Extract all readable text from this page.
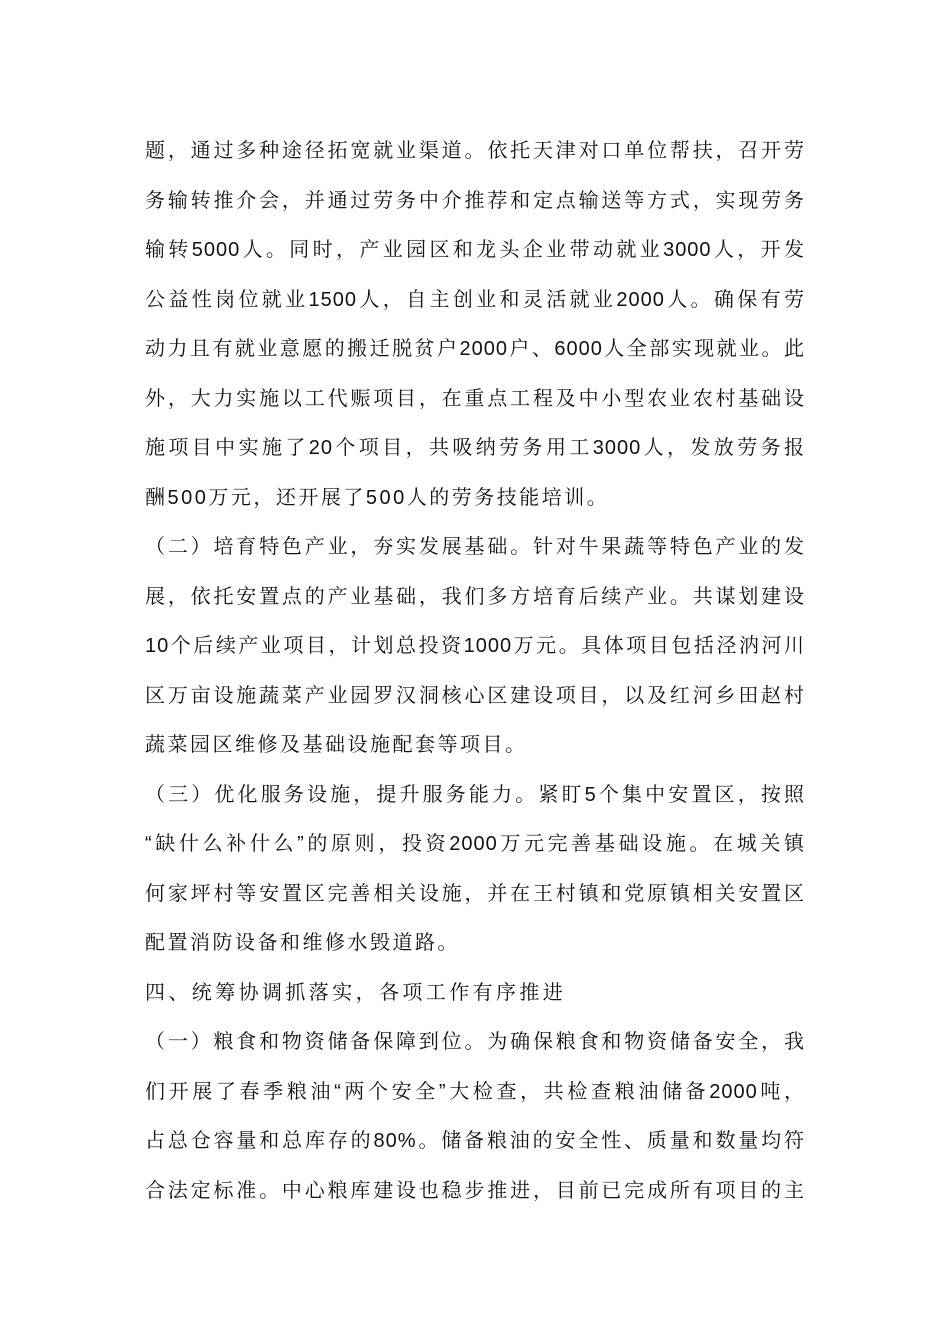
题，通过多种途径拓宽就业渠道。依托天津对口单位帮扶，召开劳
务输转推介会，并通过劳务中介推荐和定点输送等方式，实现劳务
输转5000人。同时，产业园区和龙头企业带动就业3000人，开发
公益性岗位就业1500人，自主创业和灵活就业2000人。确保有劳
动力且有就业意愿的搬迁脱贫户2000户、6000人全部实现就业。此
外，大力实施以工代赈项目，在重点工程及中小型农业农村基础设
施项目中实施了20个项目，共吸纳劳务用工3000人，发放劳务报
酬500万元，还开展了500人的劳务技能培训。
（二）培育特色产业，夯实发展基础。针对牛果蔬等特色产业的发
展，依托安置点的产业基础，我们多方培育后续产业。共谋划建设
10个后续产业项目，计划总投资1000万元。具体项目包括泾汭河川
区万亩设施蔬菜产业园罗汉洞核心区建设项目，以及红河乡田赵村
蔬菜园区维修及基础设施配套等项目。
（三）优化服务设施，提升服务能力。紧盯5个集中安置区，按照
“缺什么补什么”的原则，投资2000万元完善基础设施。在城关镇
何家坪村等安置区完善相关设施，并在王村镇和党原镇相关安置区
配置消防设备和维修水毁道路。
四、统筹协调抓落实，各项工作有序推进
（一）粮食和物资储备保障到位。为确保粮食和物资储备安全，我
们开展了春季粮油“两个安全”大检查，共检查粮油储备2000吨，
占总仓容量和总库存的80%。储备粮油的安全性、质量和数量均符
合法定标准。中心粮库建设也稳步推进，目前已完成所有项目的主
